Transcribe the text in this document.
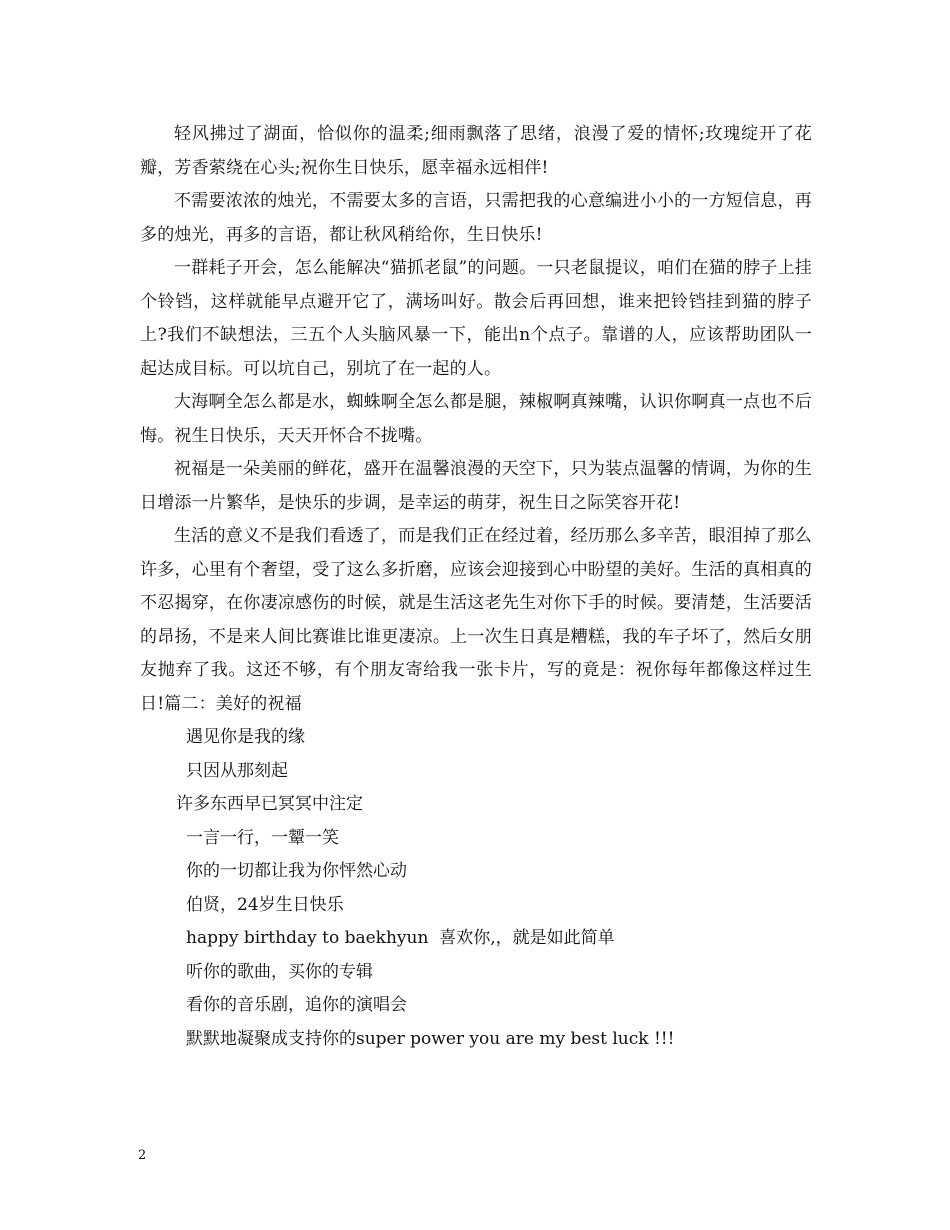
轻风拂过了湖面，恰似你的温柔;细雨飘落了思绪，浪漫了爱的情怀;玫瑰绽开了花瓣，芳香萦绕在心头;祝你生日快乐，愿幸福永远相伴!

不需要浓浓的烛光，不需要太多的言语，只需把我的心意编进小小的一方短信息，再多的烛光，再多的言语，都让秋风稍给你，生日快乐!

一群耗子开会，怎么能解决“猫抓老鼠”的问题。一只老鼠提议，咱们在猫的脖子上挂个铃铛，这样就能早点避开它了，满场叫好。散会后再回想，谁来把铃铛挂到猫的脖子上?我们不缺想法，三五个人头脑风暴一下，能出n个点子。靠谱的人，应该帮助团队一起达成目标。可以坑自己，别坑了在一起的人。

大海啊全怎么都是水，蜘蛛啊全怎么都是腿，辣椒啊真辣嘴，认识你啊真一点也不后悔。祝生日快乐，天天开怀合不拢嘴。

祝福是一朵美丽的鲜花，盛开在温馨浪漫的天空下，只为装点温馨的情调，为你的生日增添一片繁华，是快乐的步调，是幸运的萌芽，祝生日之际笑容开花!

生活的意义不是我们看透了，而是我们正在经过着，经历那么多辛苦，眼泪掉了那么许多，心里有个奢望，受了这么多折磨，应该会迎接到心中盼望的美好。生活的真相真的不忍揭穿，在你凄凉感伤的时候，就是生活这老先生对你下手的时候。要清楚，生活要活的昂扬，不是来人间比赛谁比谁更凄凉。上一次生日真是糟糕，我的车子坏了，然后女朋友抛弃了我。这还不够，有个朋友寄给我一张卡片，写的竟是：祝你每年都像这样过生日!篇二：美好的祝福

遇见你是我的缘

只因从那刻起

许多东西早已冥冥中注定

一言一行，一颦一笑

你的一切都让我为你怦然心动

伯贤，24岁生日快乐

happy birthday to baekhyun  喜欢你,，就是如此简单

听你的歌曲，买你的专辑

看你的音乐剧，追你的演唱会

默默地凝聚成支持你的super power you are my best luck !!!

2
